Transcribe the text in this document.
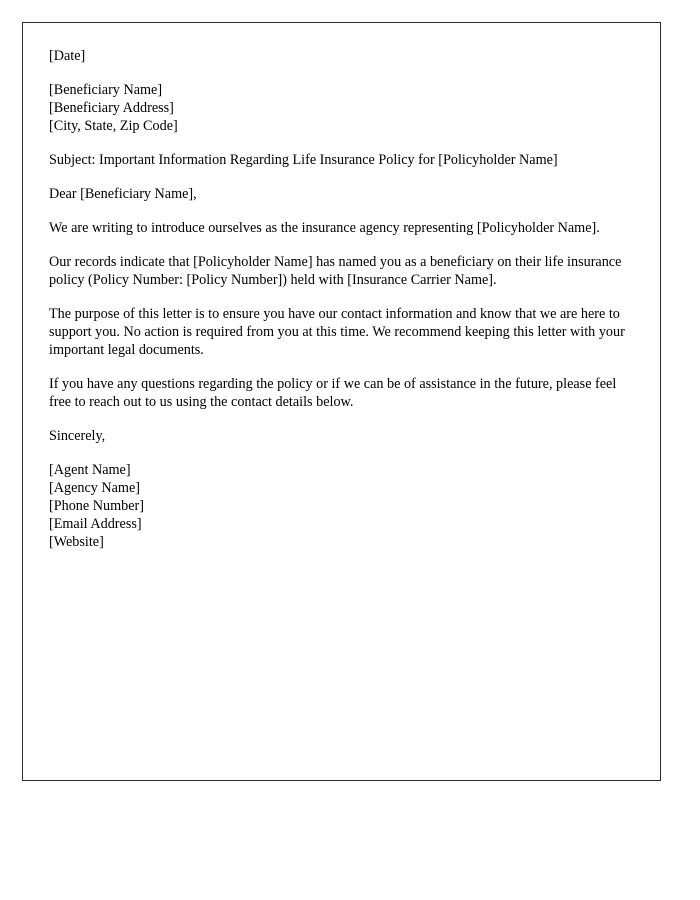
[Date]
[Beneficiary Name]
[Beneficiary Address]
[City, State, Zip Code]
Subject: Important Information Regarding Life Insurance Policy for [Policyholder Name]
Dear [Beneficiary Name],

We are writing to introduce ourselves as the insurance agency representing [Policyholder Name].

Our records indicate that [Policyholder Name] has named you as a beneficiary on their life insurance policy (Policy Number: [Policy Number]) held with [Insurance Carrier Name].

The purpose of this letter is to ensure you have our contact information and know that we are here to support you. No action is required from you at this time. We recommend keeping this letter with your important legal documents.

If you have any questions regarding the policy or if we can be of assistance in the future, please feel free to reach out to us using the contact details below.

Sincerely,
[Agent Name]
[Agency Name]
[Phone Number]
[Email Address]
[Website]
